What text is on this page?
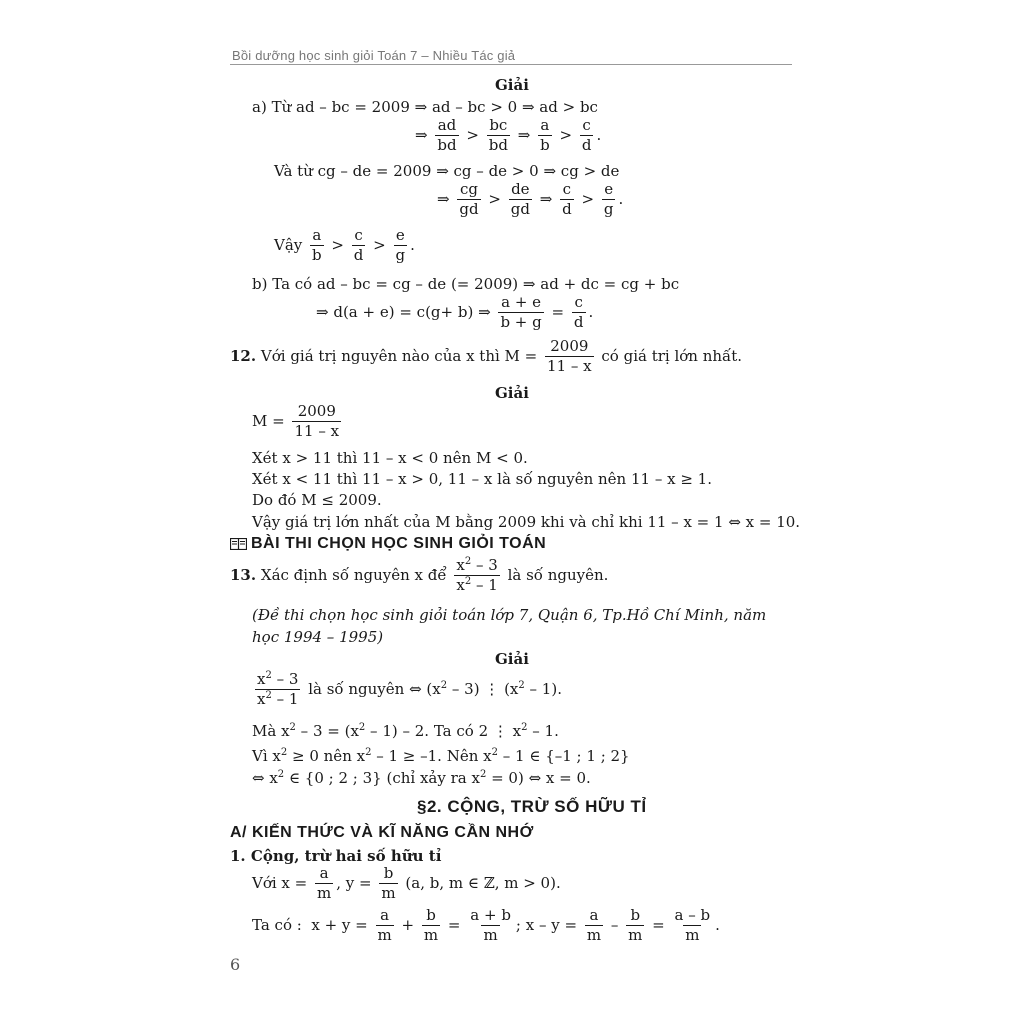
Bồi dưỡng học sinh giỏi Toán 7 – Nhiều Tác giả
Giải
a) Từ ad – bc = 2009 ⇒ ad – bc > 0 ⇒ ad > bc
⇒ $\frac{ad}{bd} > \frac{bc}{bd}$ ⇒ $\frac{a}{b} > \frac{c}{d}$ .
Và từ cg – de = 2009 ⇒ cg – de > 0 ⇒ cg > de
⇒ $\frac{cg}{gd} > \frac{de}{gd}$ ⇒ $\frac{c}{d} > \frac{e}{g}$ .
Vậy $\frac{a}{b} > \frac{c}{d} > \frac{e}{g}$ .
b) Ta có ad – bc = cg – de (= 2009) ⇒ ad + dc = cg + bc
⇒ d(a + e) = c(g+ b) ⇒ $\frac{a + e}{b + g} = \frac{c}{d}$ .
12. Với giá trị nguyên nào của x thì $M = \frac{2009}{11 - x}$ có giá trị lớn nhất.
Giải
$M = \frac{2009}{11 - x}$
Xét x > 11 thì 11 – x < 0 nên M < 0.
Xét x < 11 thì 11 – x > 0, 11 – x là số nguyên nên 11 – x ≥ 1.
Do đó M ≤ 2009.
Vậy giá trị lớn nhất của M bằng 2009 khi và chỉ khi 11 – x = 1 ⇔ x = 10.
BÀI THI CHỌN HỌC SINH GIỎI TOÁN
13. Xác định số nguyên x để $\frac{x^2 - 3}{x^2 - 1}$ là số nguyên.
(Đề thi chọn học sinh giỏi toán lớp 7, Quận 6, Tp.Hồ Chí Minh, năm
học 1994 – 1995)
Giải
$\frac{x^2 - 3}{x^2 - 1}$ là số nguyên ⇔ $(x^2 - 3)$ ⋮ $(x^2 - 1)$.
Mà $x^2 - 3 = (x^2 - 1) - 2$. Ta có 2 ⋮ $x^2 - 1$.
Vì $x^2 \ge 0$ nên $x^2 - 1 \ge -1$. Nên $x^2 - 1$ ∈ {–1 ; 1 ; 2}
⇔ $x^2$ ∈ {0 ; 2 ; 3} (chỉ xảy ra $x^2 = 0$) ⇔ x = 0.
§2. CỘNG, TRỪ SỐ HỮU TỈ
A/ KIẾN THỨC VÀ KĨ NĂNG CẦN NHỚ
1. Cộng, trừ hai số hữu tỉ
Với $x = \frac{a}{m}$ , $y = \frac{b}{m} (a$, b, m ∈ ℤ, m > 0).
Ta có : $x + y = \frac{a}{m} + \frac{b}{m} = \frac{a + b}{m}$ ; $x - y = \frac{a}{m} - \frac{b}{m} = \frac{a - b}{m}$ .
6
